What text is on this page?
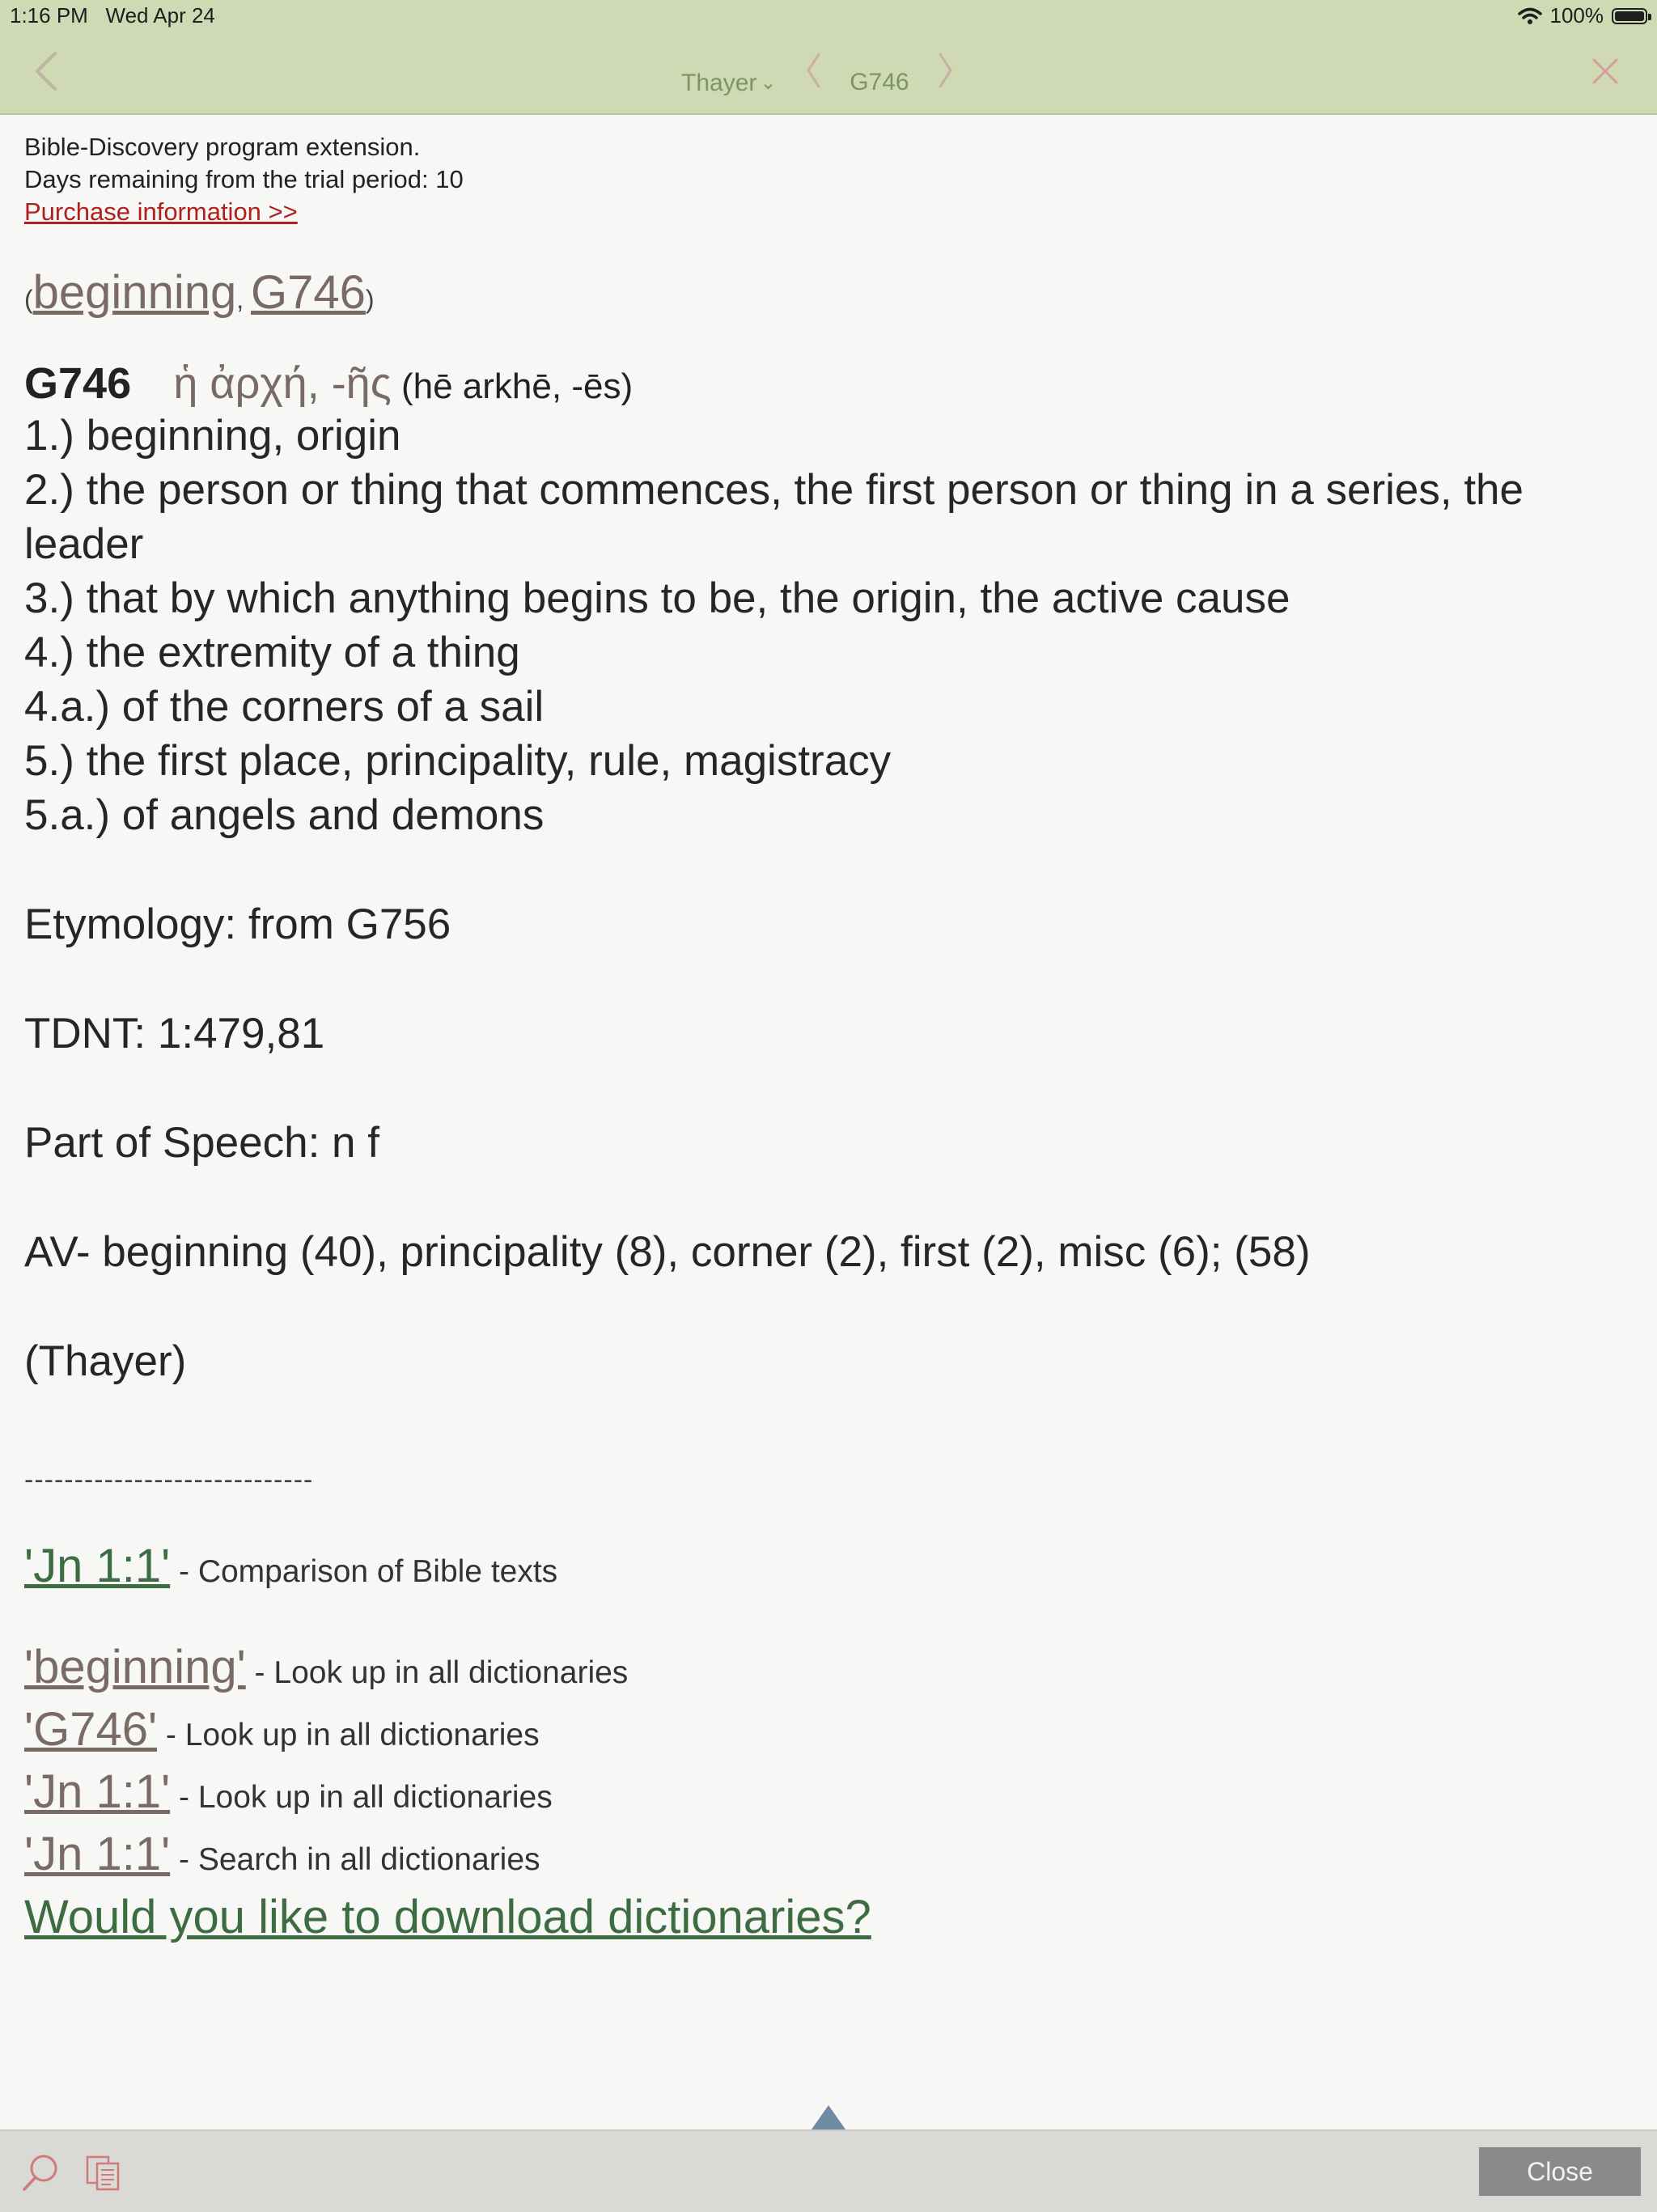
1:16 PM Wed Apr 24	100%
Thayer ⌄	G746
Bible-Discovery program extension.
Days remaining from the trial period: 10
Purchase information >>
(beginning, G746)
G746 ἡ ἀρχή, -ῆς (hē arkhē, -ēs)
1.) beginning, origin
2.) the person or thing that commences, the first person or thing in a series, the leader
3.) that by which anything begins to be, the origin, the active cause
4.) the extremity of a thing
4.a.) of the corners of a sail
5.) the first place, principality, rule, magistracy
5.a.) of angels and demons
Etymology: from G756
TDNT: 1:479,81
Part of Speech: n f
AV- beginning (40), principality (8), corner (2), first (2), misc (6); (58)
(Thayer)
-----------------------------
'Jn 1:1' - Comparison of Bible texts
'beginning' - Look up in all dictionaries
'G746' - Look up in all dictionaries
'Jn 1:1' - Look up in all dictionaries
'Jn 1:1' - Search in all dictionaries
Would you like to download dictionaries?
Close
